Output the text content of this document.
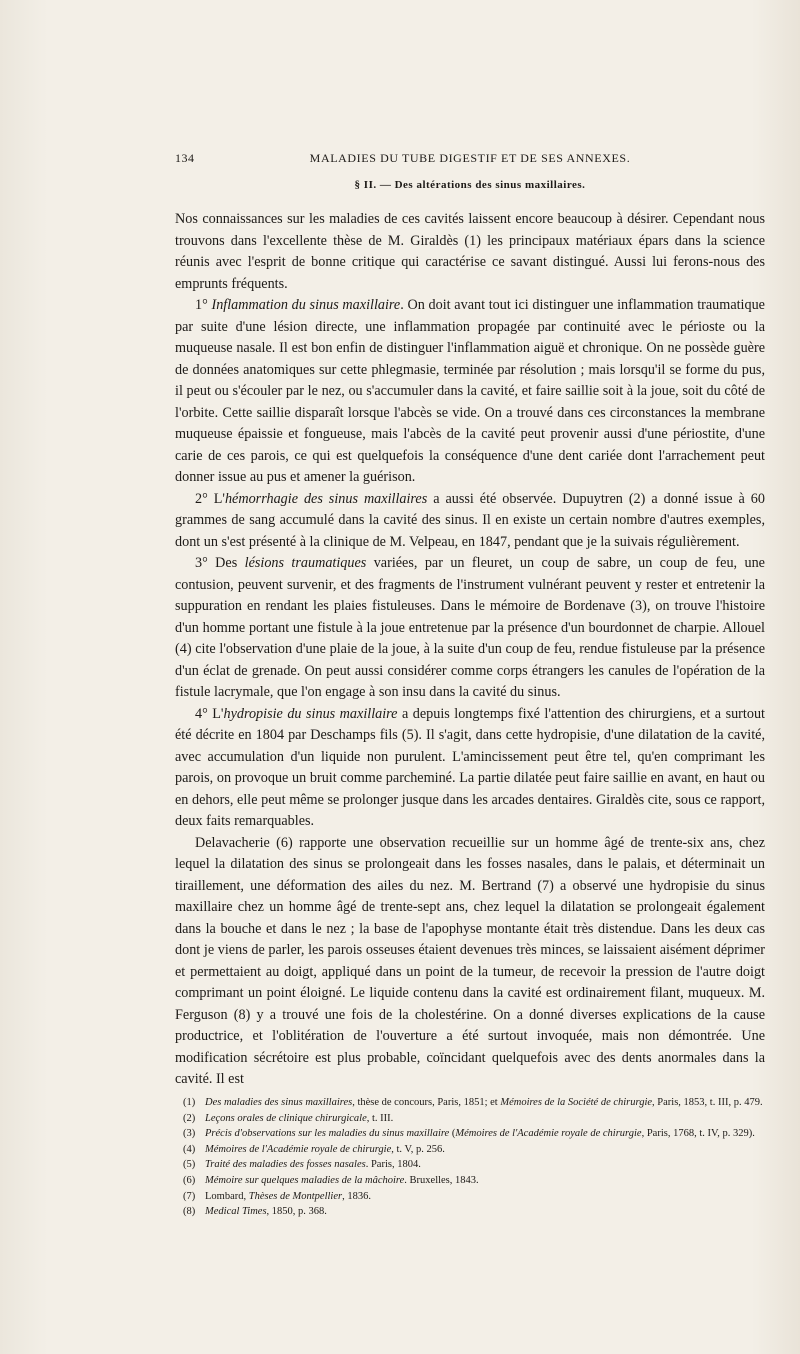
134	MALADIES DU TUBE DIGESTIF ET DE SES ANNEXES.
§ II. — Des altérations des sinus maxillaires.

Nos connaissances sur les maladies de ces cavités laissent encore beaucoup à désirer. Cependant nous trouvons dans l'excellente thèse de M. Giraldès (1) les principaux matériaux épars dans la science réunis avec l'esprit de bonne critique qui caractérise ce savant distingué. Aussi lui ferons-nous des emprunts fréquents.

1° Inflammation du sinus maxillaire. On doit avant tout ici distinguer une inflammation traumatique par suite d'une lésion directe, une inflammation propagée par continuité avec le périoste ou la muqueuse nasale. Il est bon enfin de distinguer l'inflammation aiguë et chronique. On ne possède guère de données anatomiques sur cette phlegmasie, terminée par résolution ; mais lorsqu'il se forme du pus, il peut ou s'écouler par le nez, ou s'accumuler dans la cavité, et faire saillie soit à la joue, soit du côté de l'orbite. Cette saillie disparaît lorsque l'abcès se vide. On a trouvé dans ces circonstances la membrane muqueuse épaissie et fongueuse, mais l'abcès de la cavité peut provenir aussi d'une périostite, d'une carie de ces parois, ce qui est quelquefois la conséquence d'une dent cariée dont l'arrachement peut donner issue au pus et amener la guérison.

2° L'hémorrhagie des sinus maxillaires a aussi été observée. Dupuytren (2) a donné issue à 60 grammes de sang accumulé dans la cavité des sinus. Il en existe un certain nombre d'autres exemples, dont un s'est présenté à la clinique de M. Velpeau, en 1847, pendant que je la suivais régulièrement.

3° Des lésions traumatiques variées, par un fleuret, un coup de sabre, un coup de feu, une contusion, peuvent survenir, et des fragments de l'instrument vulnérant peuvent y rester et entretenir la suppuration en rendant les plaies fistuleuses. Dans le mémoire de Bordenave (3), on trouve l'histoire d'un homme portant une fistule à la joue entretenue par la présence d'un bourdonnet de charpie. Allouel (4) cite l'observation d'une plaie de la joue, à la suite d'un coup de feu, rendue fistuleuse par la présence d'un éclat de grenade. On peut aussi considérer comme corps étrangers les canules de l'opération de la fistule lacrymale, que l'on engage à son insu dans la cavité du sinus.

4° L'hydropisie du sinus maxillaire a depuis longtemps fixé l'attention des chirurgiens, et a surtout été décrite en 1804 par Deschamps fils (5). Il s'agit, dans cette hydropisie, d'une dilatation de la cavité, avec accumulation d'un liquide non purulent. L'amincissement peut être tel, qu'en comprimant les parois, on provoque un bruit comme parcheminé. La partie dilatée peut faire saillie en avant, en haut ou en dehors, elle peut même se prolonger jusque dans les arcades dentaires. Giraldès cite, sous ce rapport, deux faits remarquables.

Delavacherie (6) rapporte une observation recueillie sur un homme âgé de trente-six ans, chez lequel la dilatation des sinus se prolongeait dans les fosses nasales, dans le palais, et déterminait un tiraillement, une déformation des ailes du nez. M. Bertrand (7) a observé une hydropisie du sinus maxillaire chez un homme âgé de trente-sept ans, chez lequel la dilatation se prolongeait également dans la bouche et dans le nez ; la base de l'apophyse montante était très distendue. Dans les deux cas dont je viens de parler, les parois osseuses étaient devenues très minces, se laissaient aisément déprimer et permettaient au doigt, appliqué dans un point de la tumeur, de recevoir la pression de l'autre doigt comprimant un point éloigné. Le liquide contenu dans la cavité est ordinairement filant, muqueux. M. Ferguson (8) y a trouvé une fois de la cholestérine. On a donné diverses explications de la cause productrice, et l'oblitération de l'ouverture a été surtout invoquée, mais non démontrée. Une modification sécrétoire est plus probable, coïncidant quelquefois avec des dents anormales dans la cavité. Il est

(1) Des maladies des sinus maxillaires, thèse de concours, Paris, 1851; et Mémoires de la Société de chirurgie, Paris, 1853, t. III, p. 479.

(2) Leçons orales de clinique chirurgicale, t. III.

(3) Précis d'observations sur les maladies du sinus maxillaire (Mémoires de l'Académie royale de chirurgie, Paris, 1768, t. IV, p. 329).

(4) Mémoires de l'Académie royale de chirurgie, t. V, p. 256.

(5) Traité des maladies des fosses nasales. Paris, 1804.

(6) Mémoire sur quelques maladies de la mâchoire. Bruxelles, 1843.

(7) Lombard, Thèses de Montpellier, 1836.

(8) Medical Times, 1850, p. 368.
